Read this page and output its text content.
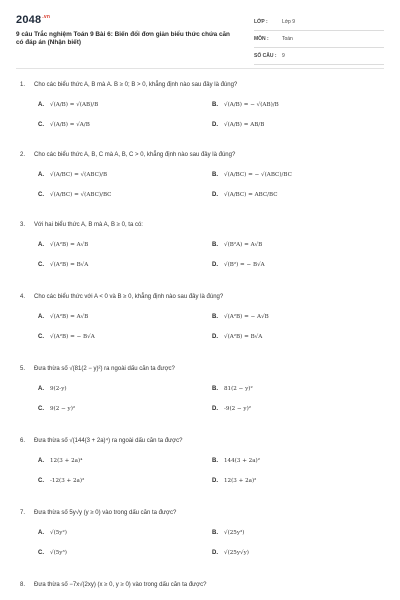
$2048^{.vn}$
9 câu Trắc nghiệm Toán 9 Bài 6: Biến đổi đơn giản biểu thức chứa căn có đáp án (Nhận biết)
LỚP :	Lớp 9
MÔN :	Toán
SỐ CÂU : 9
1. Cho các biểu thức A, B mà A. B ≥ 0; B > 0, khẳng định nào sau đây là đúng?
A. √(A/B) = √(AB)/B	B. √(A/B) = − √(AB)/B
C. √(A/B) = √A/B	D. √(A/B) = AB/B
2. Cho các biểu thức A, B, C mà A, B, C > 0, khẳng định nào sau đây là đúng?
A. √(A/BC) = √(ABC)/B	B. √(A/BC) = − √(ABC)/BC
C. √(A/BC) = √(ABC)/BC	D. √(A/BC) = ABC/BC
3. Với hai biểu thức A, B mà A, B ≥ 0, ta có:
A. √(A²B) = A√B	B. √(B²A) = A√B
C. √(A²B) = B√A	D. √(B²) = − B√A
4. Cho các biểu thức với A < 0 và B ≥ 0, khẳng định nào sau đây là đúng?
A. √(A²B) = A√B	B. √(A²B) = − A√B
C. √(A²B) = − B√A	D. √(A²B) = B√A
5. Đưa thừa số √(81(2 − y)²) ra ngoài dấu căn ta được?
A. 9(2-y)	B. 81(2 − y)²
C. 9(2 − y)²	D. -9(2 − y)²
6. Đưa thừa số √(144(3 + 2a)⁴) ra ngoài dấu căn ta được?
A. 12(3 + 2a)⁴	B. 144(3 + 2a)²
C. -12(3 + 2a)²	D. 12(3 + 2a)²
7. Đưa thừa số 5y√y (y ≥ 0) vào trong dấu căn ta được?
A. √(5y²)	B. √(25y³)
C. √(5y³)	D. √(25y√y)
8. Đưa thừa số −7x√(2xy) (x ≥ 0, y ≥ 0) vào trong dấu căn ta được?
